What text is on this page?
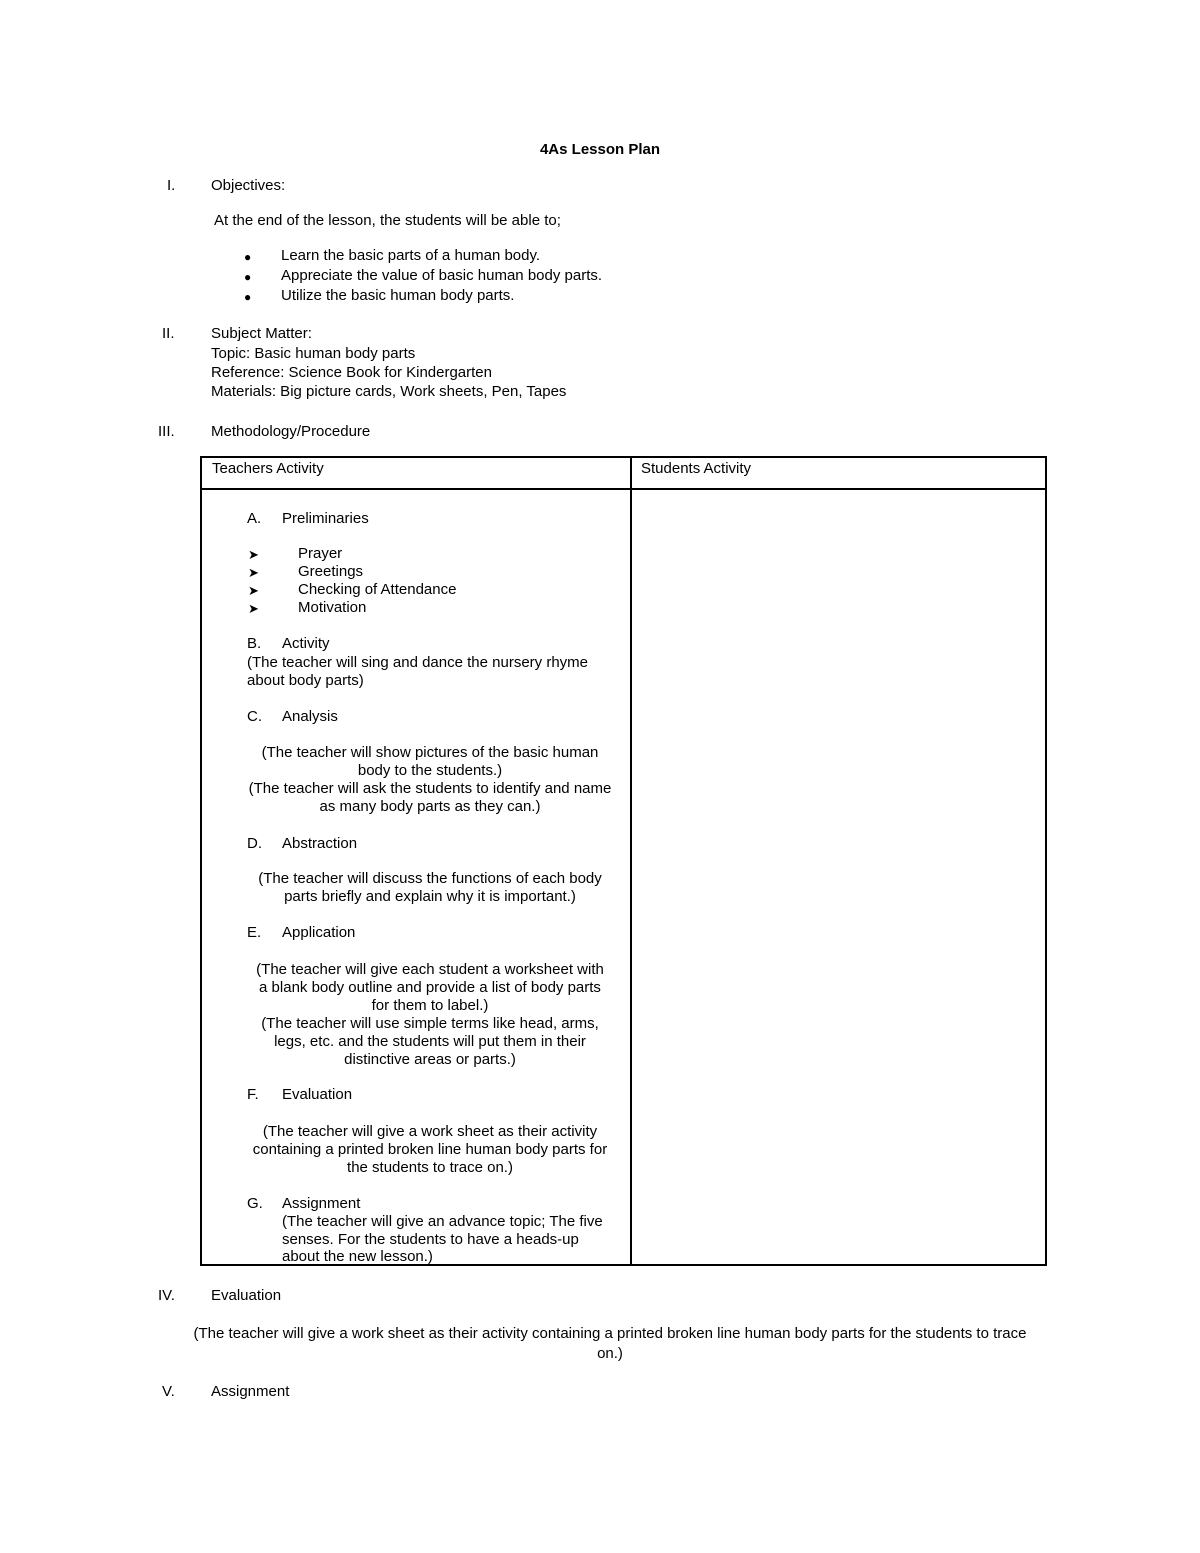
4As Lesson Plan
I.	Objectives:
At the end of the lesson, the students will be able to;
● Learn the basic parts of a human body.
● Appreciate the value of basic human body parts.
● Utilize the basic human body parts.
II.	Subject Matter:
Topic: Basic human body parts
Reference: Science Book for Kindergarten
Materials: Big picture cards, Work sheets, Pen, Tapes
III.	Methodology/Procedure
Teachers Activity	Students Activity
A. Preliminaries
➤	Prayer
➤	Greetings
➤	Checking of Attendance
➤	Motivation
B. Activity
(The teacher will sing and dance the nursery rhyme
about body parts)
C. Analysis
(The teacher will show pictures of the basic human
body to the students.)
(The teacher will ask the students to identify and name
as many body parts as they can.)
D. Abstraction
(The teacher will discuss the functions of each body
parts briefly and explain why it is important.)
E. Application
(The teacher will give each student a worksheet with
a blank body outline and provide a list of body parts
for them to label.)
(The teacher will use simple terms like head, arms,
legs, etc. and the students will put them in their
distinctive areas or parts.)
F. Evaluation
(The teacher will give a work sheet as their activity
containing a printed broken line human body parts for
the students to trace on.)
G. Assignment
(The teacher will give an advance topic; The five
senses. For the students to have a heads-up
about the new lesson.)
IV.	Evaluation
(The teacher will give a work sheet as their activity containing a printed broken line human body parts for the students to trace
on.)
V.	Assignment
